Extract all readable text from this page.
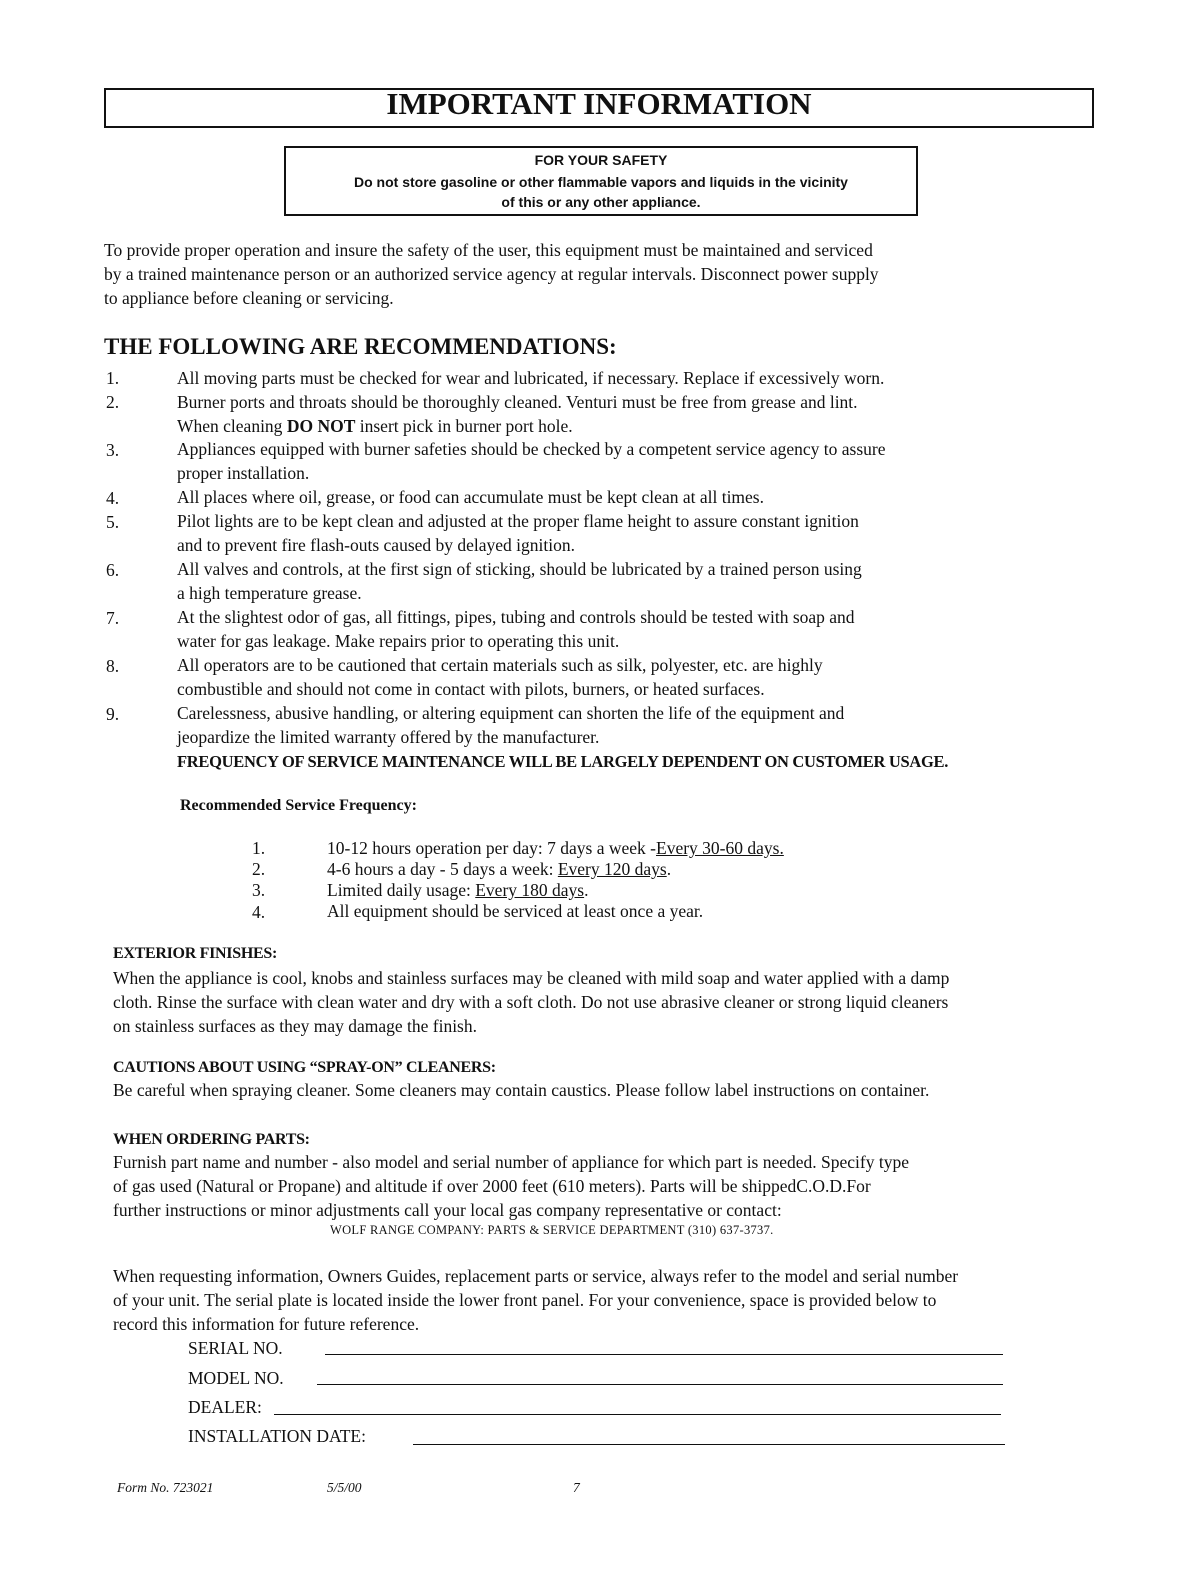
IMPORTANT INFORMATION
FOR YOUR SAFETY
Do not store gasoline or other flammable vapors and liquids in the vicinity
of this or any other appliance.
To provide proper operation and insure the safety of the user, this equipment must be maintained and serviced
by a trained maintenance person or an authorized service agency at regular intervals. Disconnect power supply
to appliance before cleaning or servicing.
THE FOLLOWING ARE RECOMMENDATIONS:
1.	All moving parts must be checked for wear and lubricated, if necessary. Replace if excessively worn.
2.	Burner ports and throats should be thoroughly cleaned. Venturi must be free from grease and lint.
When cleaning DO NOT insert pick in burner port hole.
3.	Appliances equipped with burner safeties should be checked by a competent service agency to assure
proper installation.
4.	All places where oil, grease, or food can accumulate must be kept clean at all times.
5.	Pilot lights are to be kept clean and adjusted at the proper flame height to assure constant ignition
and to prevent fire flash-outs caused by delayed ignition.
6.	All valves and controls, at the first sign of sticking, should be lubricated by a trained person using
a high temperature grease.
7.	At the slightest odor of gas, all fittings, pipes, tubing and controls should be tested with soap and
water for gas leakage. Make repairs prior to operating this unit.
8.	All operators are to be cautioned that certain materials such as silk, polyester, etc. are highly
combustible and should not come in contact with pilots, burners, or heated surfaces.
9.	Carelessness, abusive handling, or altering equipment can shorten the life of the equipment and
jeopardize the limited warranty offered by the manufacturer.
FREQUENCY OF SERVICE MAINTENANCE WILL BE LARGELY DEPENDENT ON CUSTOMER USAGE.
Recommended Service Frequency:
1.	10-12 hours operation per day: 7 days a week -Every 30-60 days.
2.	4-6 hours a day - 5 days a week: Every 120 days.
3.	Limited daily usage: Every 180 days.
4.	All equipment should be serviced at least once a year.
EXTERIOR FINISHES:
When the appliance is cool, knobs and stainless surfaces may be cleaned with mild soap and water applied with a damp
cloth. Rinse the surface with clean water and dry with a soft cloth. Do not use abrasive cleaner or strong liquid cleaners
on stainless surfaces as they may damage the finish.
CAUTIONS ABOUT USING “SPRAY-ON” CLEANERS:
Be careful when spraying cleaner. Some cleaners may contain caustics. Please follow label instructions on container.
WHEN ORDERING PARTS:
Furnish part name and number - also model and serial number of appliance for which part is needed. Specify type
of gas used (Natural or Propane) and altitude if over 2000 feet (610 meters). Parts will be shippedC.O.D.For
further instructions or minor adjustments call your local gas company representative or contact:
WOLF RANGE COMPANY: PARTS & SERVICE DEPARTMENT (310) 637-3737.
When requesting information, Owners Guides, replacement parts or service, always refer to the model and serial number
of your unit. The serial plate is located inside the lower front panel. For your convenience, space is provided below to
record this information for future reference.
SERIAL NO.
MODEL NO.
DEALER:
INSTALLATION DATE:
Form No. 723021	5/5/00	7
